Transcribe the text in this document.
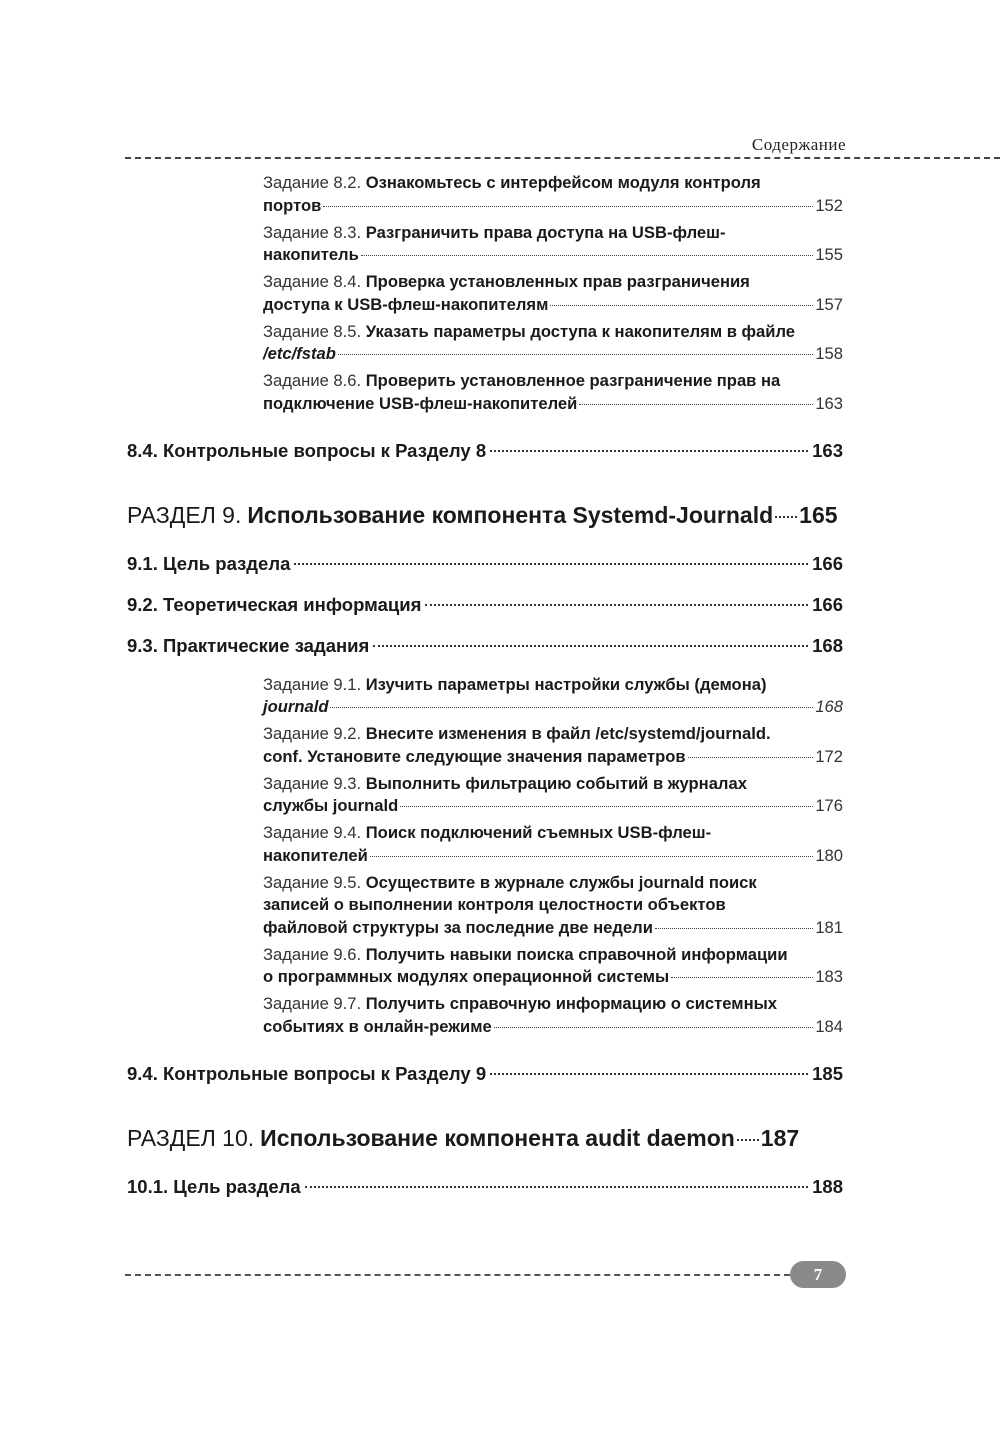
Содержание
Задание 8.2. Ознакомьтесь с интерфейсом модуля контроля
портов	152
Задание 8.3. Разграничить права доступа на USB-флеш-
накопитель	155
Задание 8.4. Проверка установленных прав разграничения
доступа к USB-флеш-накопителям	157
Задание 8.5. Указать параметры доступа к накопителям в файле
/etc/fstab	158
Задание 8.6. Проверить установленное разграничение прав на
подключение USB-флеш-накопителей	163
8.4. Контрольные вопросы к Разделу 8	163
РАЗДЕЛ 9. Использование компонента Systemd-Journald 165
9.1. Цель раздела	166
9.2. Теоретическая информация	166
9.3. Практические задания	168
Задание 9.1. Изучить параметры настройки службы (демона)
journald	168
Задание 9.2. Внесите изменения в файл /etc/systemd/journald.
conf. Установите следующие значения параметров	172
Задание 9.3. Выполнить фильтрацию событий в журналах
службы journald	176
Задание 9.4. Поиск подключений съемных USB-флеш-
накопителей	180
Задание 9.5. Осуществите в журнале службы journald поиск
записей о выполнении контроля целостности объектов
файловой структуры за последние две недели	181
Задание 9.6. Получить навыки поиска справочной информации
о программных модулях операционной системы	183
Задание 9.7. Получить справочную информацию о системных
событиях в онлайн-режиме	184
9.4. Контрольные вопросы к Разделу 9	185
РАЗДЕЛ 10. Использование компонента audit daemon 187
10.1. Цель раздела	188
7
